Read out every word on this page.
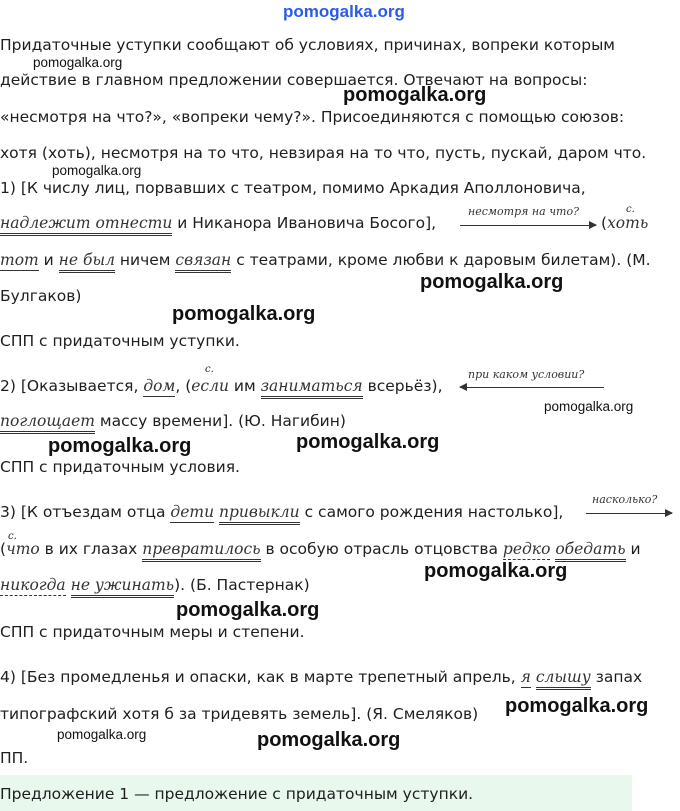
pomogalka.org
pomogalka.org
pomogalka.org
pomogalka.org
pomogalka.org
pomogalka.org
pomogalka.org
pomogalka.org	pomogalka.org
pomogalka.org
pomogalka.org
pomogalka.org
pomogalka.org	pomogalka.org
Придаточные уступки сообщают об условиях, причинах, вопреки которым
действие в главном предложении совершается. Отвечают на вопросы:
«несмотря на что?», «вопреки чему?». Присоединяются с помощью союзов:
хотя (хоть), несмотря на то что, невзирая на то что, пусть, пускай, даром что.
1) [К числу лиц, порвавших с театром, помимо Аркадия Аполлоновича,
надлежит отнести и Никанора Ивановича Босого],
несмотря на что?
(хоть
с.
тот и не был ничем связан с театрами, кроме любви к даровым билетам). (М.
Булгаков)
СПП с придаточным уступки.
2) [Оказывается, дом, (если им заниматься всерьёз),
с.	при каком условии?
поглощает массу времени]. (Ю. Нагибин)
СПП с придаточным условия.
3) [К отъездам отца дети привыкли с самого рождения настолько],
насколько?
(что в их глазах превратилось в особую отрасль отцовства редко обедать и
с.
никогда не ужинать). (Б. Пастернак)
СПП с придаточным меры и степени.
4) [Без промедленья и опаски, как в марте трепетный апрель, я слышу запах
типографский хотя б за тридевять земель]. (Я. Смеляков)
ПП.
Предложение 1 — предложение с придаточным уступки.
